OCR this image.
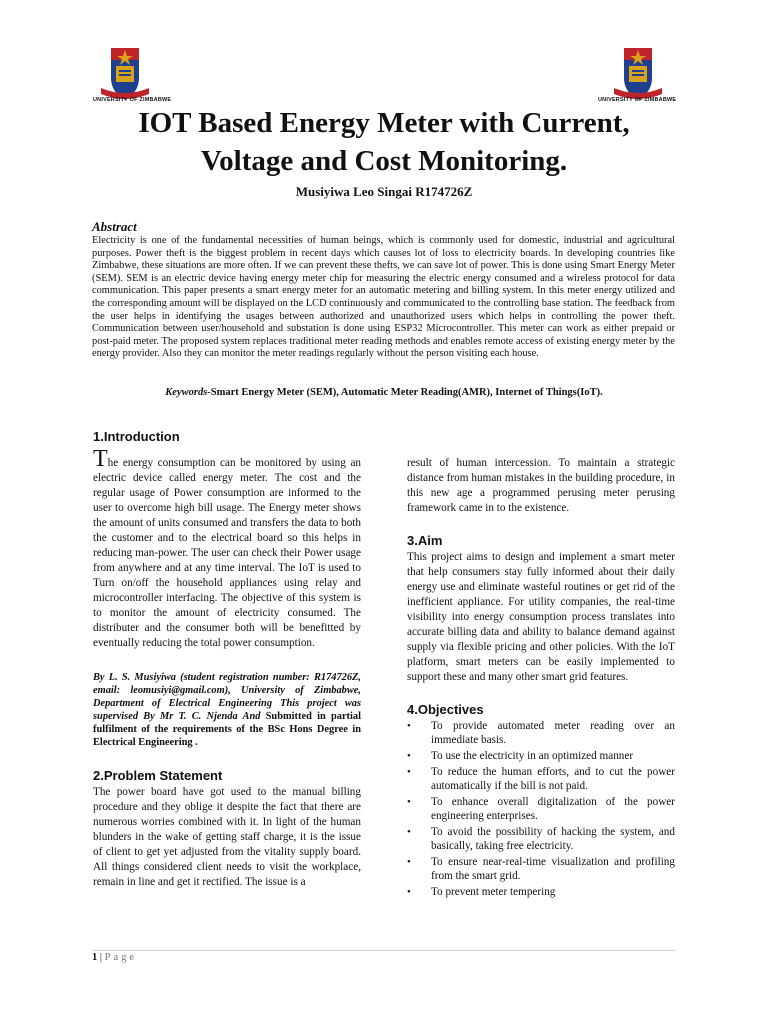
UNIVERSITY OF ZIMBABWE	UNIVERSITY OF ZIMBABWE
IOT Based Energy Meter with Current,
Voltage and Cost Monitoring.
Musiyiwa Leo Singai R174726Z
Abstract

Electricity is one of the fundamental necessities of human beings, which is commonly used for domestic, industrial and agricultural purposes. Power theft is the biggest problem in recent days which causes lot of loss to electricity boards. In developing countries like Zimbabwe, these situations are more often. If we can prevent these thefts, we can save lot of power. This is done using Smart Energy Meter (SEM). SEM is an electric device having energy meter chip for measuring the electric energy consumed and a wireless protocol for data communication. This paper presents a smart energy meter for an automatic metering and billing system. In this meter energy utilized and the corresponding amount will be displayed on the LCD continuously and communicated to the controlling base station. The feedback from the user helps in identifying the usages between authorized and unauthorized users which helps in controlling the power theft. Communication between user/household and substation is done using ESP32 Microcontroller. This meter can work as either prepaid or post-paid meter. The proposed system replaces traditional meter reading methods and enables remote access of existing energy meter by the energy provider. Also they can monitor the meter readings regularly without the person visiting each house.

Keywords-Smart Energy Meter (SEM), Automatic Meter Reading(AMR), Internet of Things(IoT).
1.Introduction

The energy consumption can be monitored by using an electric device called energy meter. The cost and the regular usage of Power consumption are informed to the user to overcome high bill usage. The Energy meter shows the amount of units consumed and transfers the data to both the customer and to the electrical board so this helps in reducing man-power. The user can check their Power usage from anywhere and at any time interval. The IoT is used to Turn on/off the household appliances using relay and microcontroller interfacing. The objective of this system is to monitor the amount of electricity consumed. The distributer and the consumer both will be benefitted by eventually reducing the total power consumption.

By L. S. Musiyiwa (student registration number: R174726Z, email: leomusiyi@gmail.com), University of Zimbabwe, Department of Electrical Engineering This project was supervised By Mr T. C. Njenda And Submitted in partial fulfilment of the requirements of the BSc Hons Degree in Electrical Engineering .

2.Problem Statement

The power board have got used to the manual billing procedure and they oblige it despite the fact that there are numerous worries combined with it. In light of the human blunders in the wake of getting staff charge, it is the issue of client to get yet adjusted from the vitality supply board. All things considered client needs to visit the workplace, remain in line and get it rectified. The issue is a

result of human intercession. To maintain a strategic distance from human mistakes in the building procedure, in this new age a programmed perusing meter perusing framework came in to the existence.

3.Aim

This project aims to design and implement a smart meter that help consumers stay fully informed about their daily energy use and eliminate wasteful routines or get rid of the inefficient appliance. For utility companies, the real-time visibility into energy consumption process translates into accurate billing data and ability to balance demand against supply via flexible pricing and other policies. With the IoT platform, smart meters can be easily implemented to support these and many other smart grid features.

4.Objectives
• To provide automated meter reading over an immediate basis.
• To use the electricity in an optimized manner
• To reduce the human efforts, and to cut the power automatically if the bill is not paid.
• To enhance overall digitalization of the power engineering enterprises.
• To avoid the possibility of hacking the system, and basically, taking free electricity.
• To ensure near-real-time visualization and profiling from the smart grid.
• To prevent meter tempering
1 | Page
